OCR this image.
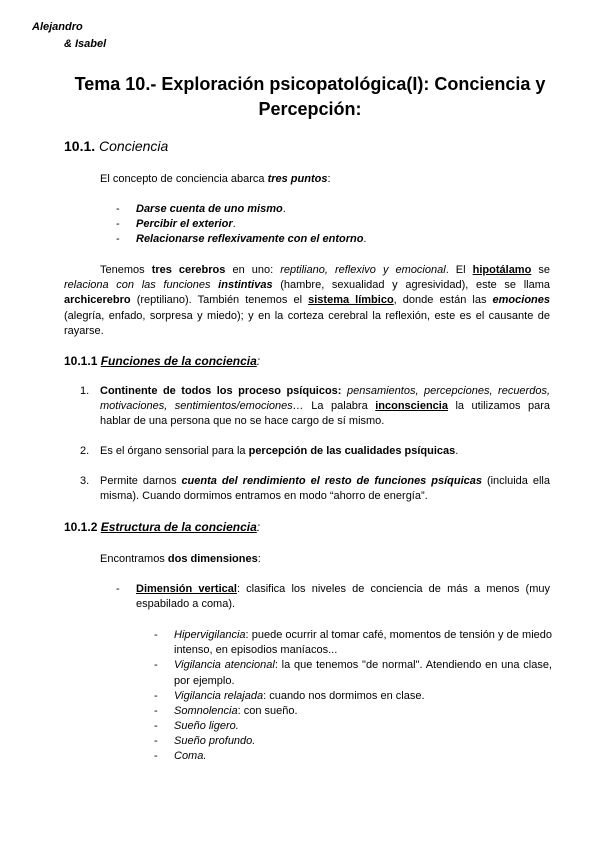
Alejandro
& Isabel
Tema 10.- Exploración psicopatológica(I): Conciencia y
Percepción:
10.1. Conciencia
El concepto de conciencia abarca tres puntos:
- Darse cuenta de uno mismo.
- Percibir el exterior.
- Relacionarse reflexivamente con el entorno.
Tenemos tres cerebros en uno: reptiliano, reflexivo y emocional. El hipotálamo se relaciona con las funciones instintivas (hambre, sexualidad y agresividad), este se llama archicerebro (reptiliano). También tenemos el sistema límbico, donde están las emociones (alegría, enfado, sorpresa y miedo); y en la corteza cerebral la reflexión, este es el causante de rayarse.
10.1.1 Funciones de la conciencia:
1. Continente de todos los proceso psíquicos: pensamientos, percepciones, recuerdos, motivaciones, sentimientos/emociones… La palabra inconsciencia la utilizamos para hablar de una persona que no se hace cargo de sí mismo.
2. Es el órgano sensorial para la percepción de las cualidades psíquicas.
3. Permite darnos cuenta del rendimiento el resto de funciones psíquicas (incluida ella misma). Cuando dormimos entramos en modo “ahorro de energía”.
10.1.2 Estructura de la conciencia:
Encontramos dos dimensiones:
-	Dimensión vertical: clasifica los niveles de conciencia de más a menos (muy espabilado a coma).
- Hipervigilancia: puede ocurrir al tomar café, momentos de tensión y de miedo intenso, en episodios maníacos...
- Vigilancia atencional: la que tenemos "de normal". Atendiendo en una clase, por ejemplo.
- Vigilancia relajada: cuando nos dormimos en clase.
- Somnolencia: con sueño.
- Sueño ligero.
- Sueño profundo.
- Coma.
